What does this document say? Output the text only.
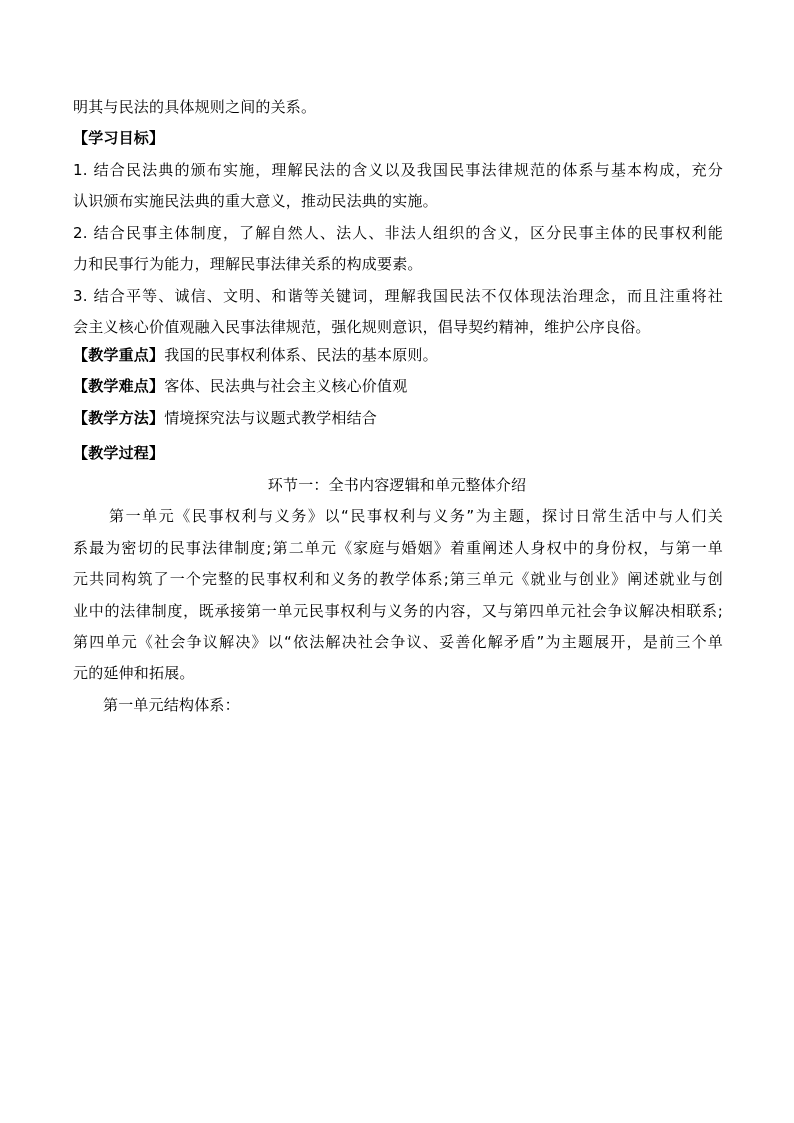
明其与民法的具体规则之间的关系。
【学习目标】
1. 结合民法典的颁布实施，理解民法的含义以及我国民事法律规范的体系与基本构成，充分
认识颁布实施民法典的重大意义，推动民法典的实施。
2. 结合民事主体制度，了解自然人、法人、非法人组织的含义，区分民事主体的民事权利能
力和民事行为能力，理解民事法律关系的构成要素。
3. 结合平等、诚信、文明、和谐等关键词，理解我国民法不仅体现法治理念，而且注重将社
会主义核心价值观融入民事法律规范，强化规则意识，倡导契约精神，维护公序良俗。
【教学重点】我国的民事权利体系、民法的基本原则。
【教学难点】客体、民法典与社会主义核心价值观
【教学方法】情境探究法与议题式教学相结合
【教学过程】
环节一：全书内容逻辑和单元整体介绍
第一单元《民事权利与义务》以“民事权利与义务”为主题，探讨日常生活中与人们关
系最为密切的民事法律制度;第二单元《家庭与婚姻》着重阐述人身权中的身份权，与第一单
元共同构筑了一个完整的民事权利和义务的教学体系;第三单元《就业与创业》阐述就业与创
业中的法律制度，既承接第一单元民事权利与义务的内容，又与第四单元社会争议解决相联系;
第四单元《社会争议解决》以“依法解决社会争议、妥善化解矛盾”为主题展开，是前三个单
元的延伸和拓展。
第一单元结构体系：
